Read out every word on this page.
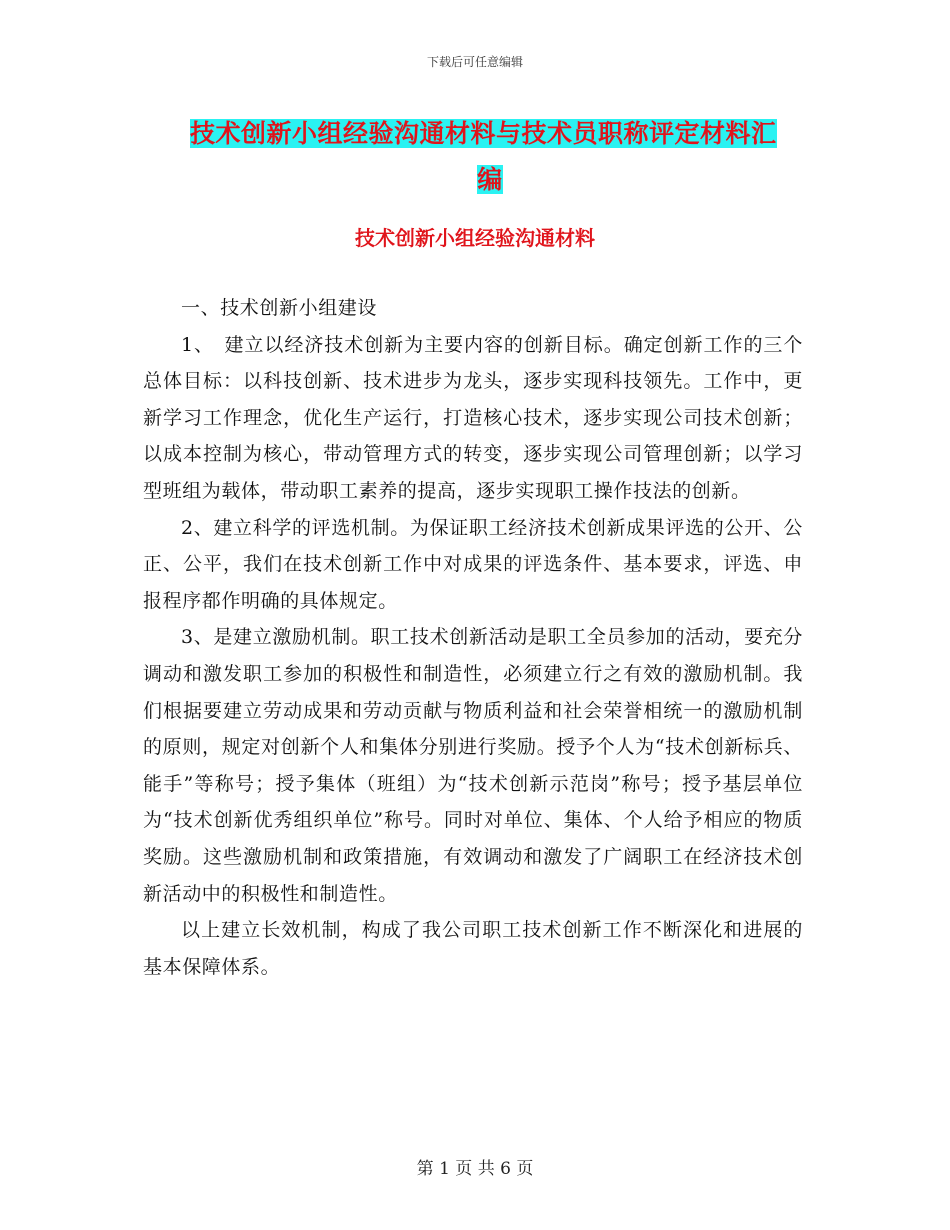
下载后可任意编辑
技术创新小组经验沟通材料与技术员职称评定材料汇
编
技术创新小组经验沟通材料

一、技术创新小组建设

1、　建立以经济技术创新为主要内容的创新目标。确定创新工作的三个总体目标：以科技创新、技术进步为龙头，逐步实现科技领先。工作中，更新学习工作理念，优化生产运行，打造核心技术，逐步实现公司技术创新；以成本控制为核心，带动管理方式的转变，逐步实现公司管理创新；以学习型班组为载体，带动职工素养的提高，逐步实现职工操作技法的创新。

2、建立科学的评选机制。为保证职工经济技术创新成果评选的公开、公正、公平，我们在技术创新工作中对成果的评选条件、基本要求，评选、申报程序都作明确的具体规定。

3、是建立激励机制。职工技术创新活动是职工全员参加的活动，要充分调动和激发职工参加的积极性和制造性，必须建立行之有效的激励机制。我们根据要建立劳动成果和劳动贡献与物质利益和社会荣誉相统一的激励机制的原则，规定对创新个人和集体分别进行奖励。授予个人为“技术创新标兵、能手”等称号；授予集体（班组）为“技术创新示范岗”称号；授予基层单位为“技术创新优秀组织单位”称号。同时对单位、集体、个人给予相应的物质奖励。这些激励机制和政策措施，有效调动和激发了广阔职工在经济技术创新活动中的积极性和制造性。

以上建立长效机制，构成了我公司职工技术创新工作不断深化和进展的基本保障体系。

第 1 页 共 6 页
